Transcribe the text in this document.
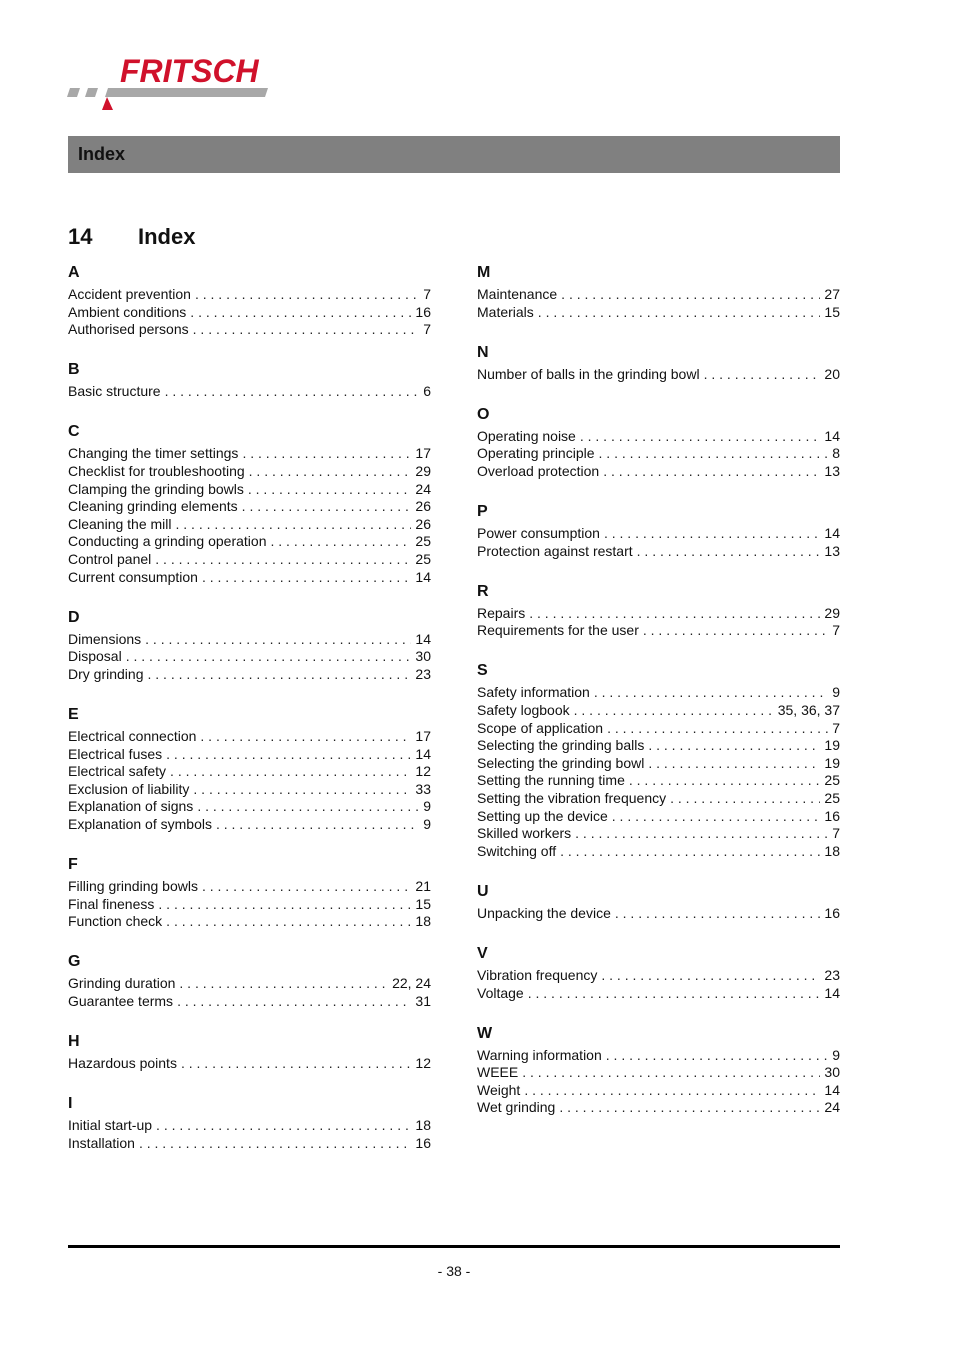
FRITSCH
Index
14 Index
A
Accident prevention . . .	7
Ambient conditions . . .	16
Authorised persons . . .	7
B
Basic structure . . .	6
C
Changing the timer settings . . .	17
Checklist for troubleshooting . . .	29
Clamping the grinding bowls . . .	24
Cleaning grinding elements . . .	26
Cleaning the mill . . .	26
Conducting a grinding operation . . .	25
Control panel . . .	25
Current consumption . . .	14
D
Dimensions . . .	14
Disposal . . .	30
Dry grinding . . .	23
E
Electrical connection . . .	17
Electrical fuses . . .	14
Electrical safety . . .	12
Exclusion of liability . . .	33
Explanation of signs . . .	9
Explanation of symbols . . .	9
F
Filling grinding bowls . . .	21
Final fineness . . .	15
Function check . . .	18
G
Grinding duration . . .	22, 24
Guarantee terms . . .	31
H
Hazardous points . . .	12
I
Initial start-up . . .	18
Installation . . .	16
M
Maintenance . . .	27
Materials . . .	15
N
Number of balls in the grinding bowl . . .	20
O
Operating noise . . .	14
Operating principle . . .	8
Overload protection . . .	13
P
Power consumption . . .	14
Protection against restart . . .	13
R
Repairs . . .	29
Requirements for the user . . .	7
S
Safety information . . .	9
Safety logbook . . .	35, 36, 37
Scope of application . . .	7
Selecting the grinding balls . . .	19
Selecting the grinding bowl . . .	19
Setting the running time . . .	25
Setting the vibration frequency . . .	25
Setting up the device . . .	16
Skilled workers . . .	7
Switching off . . .	18
U
Unpacking the device . . .	16
V
Vibration frequency . . .	23
Voltage . . .	14
W
Warning information . . .	9
WEEE . . .	30
Weight . . .	14
Wet grinding . . .	24
- 38 -
